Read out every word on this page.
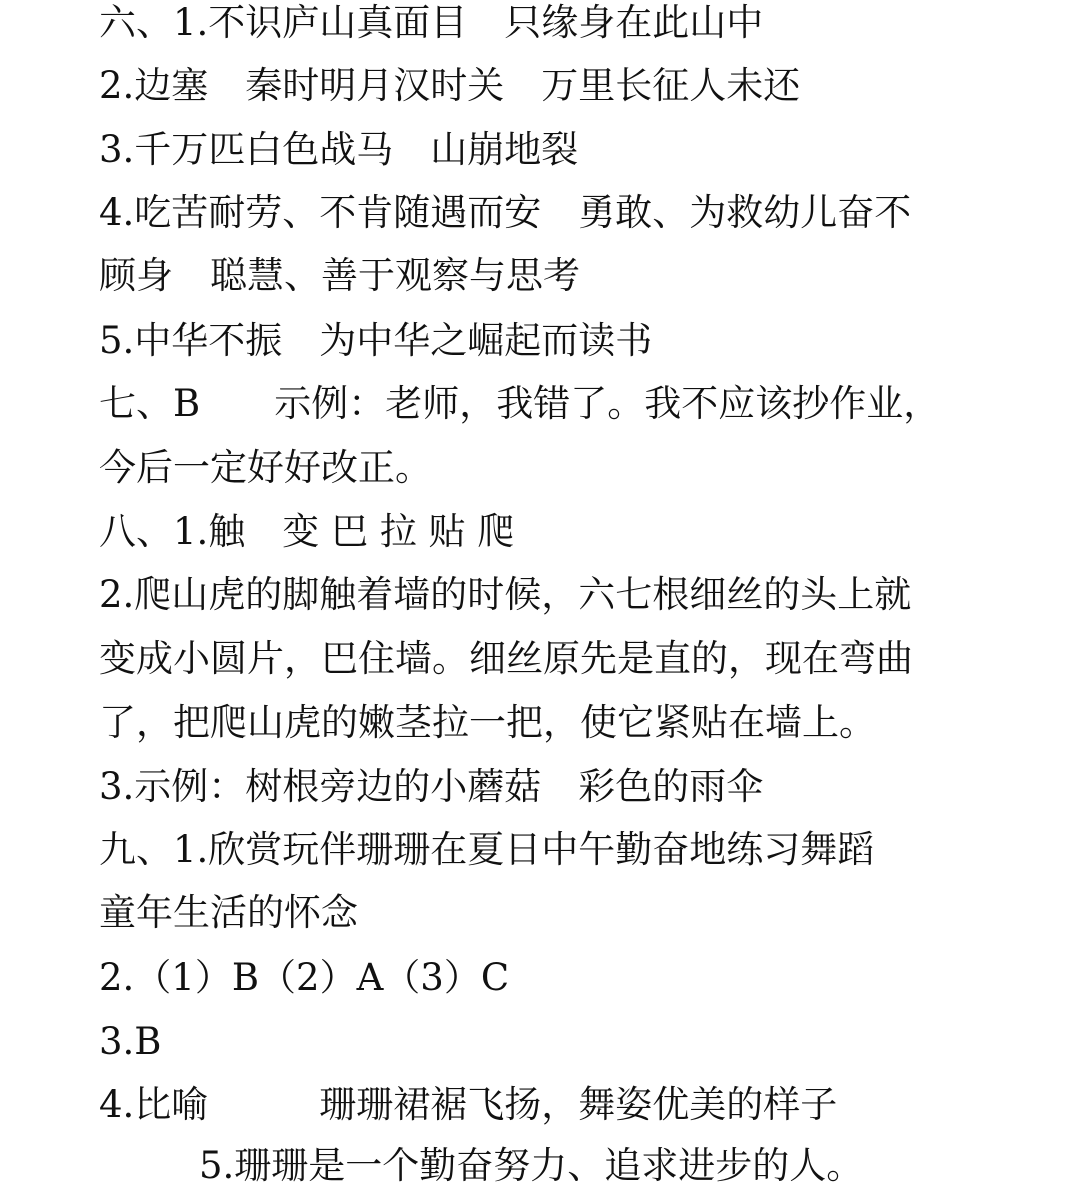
六、1.不识庐山真面目　只缘身在此山中
2.边塞　秦时明月汉时关　万里长征人未还
3.千万匹白色战马　山崩地裂
4.吃苦耐劳、不肯随遇而安　勇敢、为救幼儿奋不
顾身　聪慧、善于观察与思考
5.中华不振　为中华之崛起而读书
七、B　　示例：老师，我错了。我不应该抄作业，
今后一定好好改正。
八、1.触　变 巴 拉 贴 爬
2.爬山虎的脚触着墙的时候，六七根细丝的头上就
变成小圆片，巴住墙。细丝原先是直的，现在弯曲
了，把爬山虎的嫩茎拉一把，使它紧贴在墙上。
3.示例：树根旁边的小蘑菇　彩色的雨伞
九、1.欣赏玩伴珊珊在夏日中午勤奋地练习舞蹈
童年生活的怀念
2.（1）B（2）A（3）C
3.B
4.比喻　　　珊珊裙裾飞扬，舞姿优美的样子
5.珊珊是一个勤奋努力、追求进步的人。
